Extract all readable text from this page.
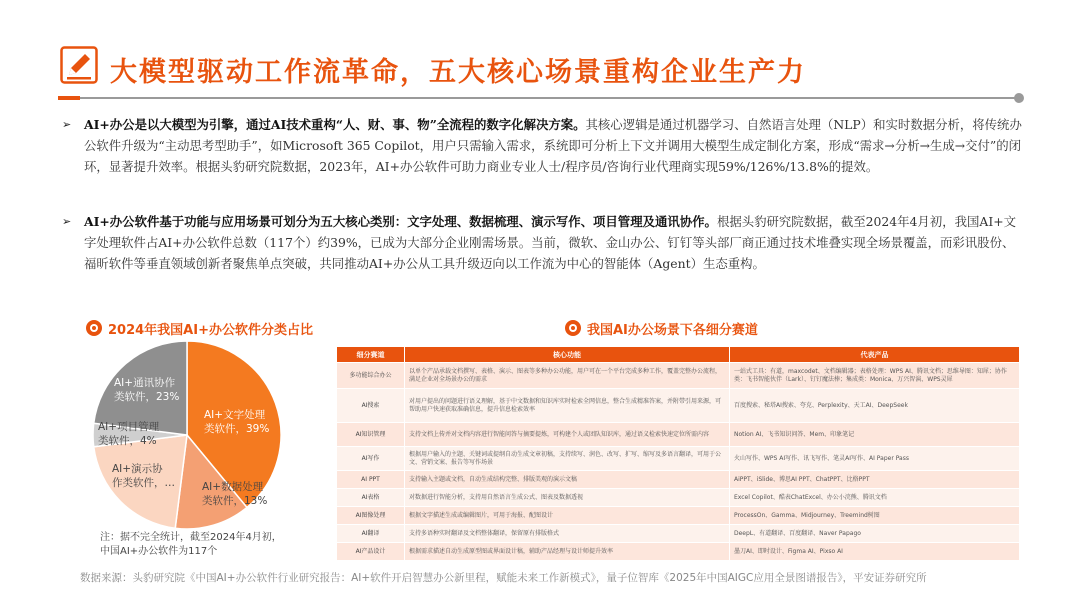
大模型驱动工作流革命，五大核心场景重构企业生产力
➢	AI+办公是以大模型为引擎，通过AI技术重构“人、财、事、物”全流程的数字化解决方案。其核心逻辑是通过机器学习、自然语言处理（NLP）和实时数据分析，将传统办公软件升级为“主动思考型助手”，如Microsoft 365 Copilot，用户只需输入需求，系统即可分析上下文并调用大模型生成定制化方案，形成“需求→分析→生成→交付”的闭环，显著提升效率。根据头豹研究院数据，2023年，AI+办公软件可助力商业专业人士/程序员/咨询行业代理商实现59%/126%/13.8%的提效。
➢	AI+办公软件基于功能与应用场景可划分为五大核心类别：文字处理、数据梳理、演示写作、项目管理及通讯协作。根据头豹研究院数据，截至2024年4月初，我国AI+文字处理软件占AI+办公软件总数（117个）约39%，已成为大部分企业刚需场景。当前，微软、金山办公、钉钉等头部厂商正通过技术堆叠实现全场景覆盖，而彩讯股份、福昕软件等垂直领域创新者聚焦单点突破，共同推动AI+办公从工具升级迈向以工作流为中心的智能体（Agent）生态重构。
2024年我国AI+办公软件分类占比	我国AI办公场景下各细分赛道
AI+文字处理
类软件，39%
AI+数据处理
类软件，13%
AI+演示协
作类软件，…
AI+项目管理
类软件，4%
AI+通讯协作
类软件，23%
注：据不完全统计，截至2024年4月初，
中国AI+办公软件为117个
细分赛道	核心功能	代表产品
多功能综合办公	以单个产品承载文档撰写、表格、演示、图表等多种办公功能，用户可在一个平台完成多种工作，覆盖完整办公流程，满足企业对全场景办公的需求	一站式工具：有道，maxcodet、文档编辑器；表格处理：WPS AI、腾讯文档；思维导图：知犀；协作类：飞书智能伙伴（Lark）、钉钉魔法棒；集成类：Monica、万兴智演、WPS灵犀
AI搜索	对用户提出的问题进行语义理解，基于中文数据和知识库实时检索全网信息，整合生成精准答案，并附带引用来源，可帮助用户快速获取准确信息，提升信息检索效率	百度搜索、秘塔AI搜索、夸克、Perplexity、天工AI、DeepSeek
AI知识管理	支持文档上传并对文档内容进行智能问答与摘要提炼，可构建个人或团队知识库，通过语义检索快速定位所需内容	Notion AI、飞书知识问答、Mem、印象笔记
AI写作	根据用户输入的主题、关键词或提纲自动生成文章初稿，支持续写、润色、改写、扩写、缩写及多语言翻译，可用于公文、营销文案、报告等写作场景	火山写作、WPS AI写作、讯飞写作、笔灵AI写作、AI Paper Pass
AI PPT	支持输入主题或文档，自动生成结构完整、排版美观的演示文稿	AiPPT、iSlide、博思AI PPT、ChatPPT、比格PPT
AI表格	对数据进行智能分析，支持用自然语言生成公式、图表及数据透视	Excel Copilot、酷表ChatExcel、办公小浣熊、腾讯文档
AI图像处理	根据文字描述生成或编辑图片，可用于海报、配图设计	ProcessOn、Gamma、Midjourney、Treemind树图
AI翻译	支持多语种实时翻译及文档整体翻译，保留原有排版格式	DeepL、有道翻译、百度翻译、Naver Papago
AI产品设计	根据需求描述自动生成原型图或界面设计稿，辅助产品经理与设计师提升效率	墨刀AI、即时设计、Figma AI、Pixso AI
数据来源：头豹研究院《中国AI+办公软件行业研究报告：AI+软件开启智慧办公新里程，赋能未来工作新模式》，量子位智库《2025年中国AIGC应用全景图谱报告》，平安证券研究所
